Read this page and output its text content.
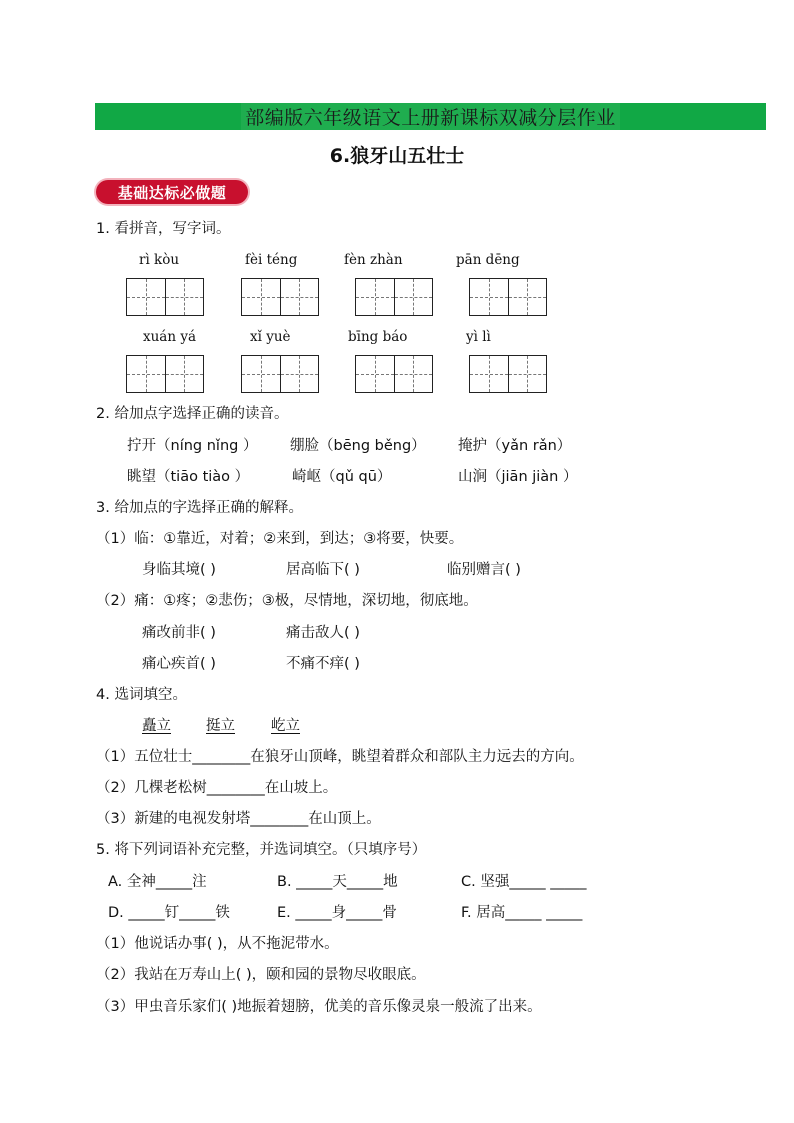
部编版六年级语文上册新课标双减分层作业
6.狼牙山五壮士
基础达标必做题
1. 看拼音，写字词。
rì kòu	fèi téng	fèn zhàn	pān dēng
xuán yá	xǐ yuè	bīng báo	yì lì
2. 给加点字选择正确的读音。
拧开（níng nǐng ） 绷脸（bēng běng） 掩护（yǎn rǎn）
眺望（tiāo tiào ）	崎岖（qǔ qū）	山涧（jiān jiàn ）
3. 给加点的字选择正确的解释。
（1）临：①靠近，对着；②来到，到达；③将要，快要。
身临其境( )	居高临下( )	临别赠言( )
（2）痛：①疼；②悲伤；③极，尽情地，深切地，彻底地。
痛改前非( )	痛击敌人( )
痛心疾首( )	不痛不痒( )
4. 选词填空。
矗立 挺立 屹立
（1）五位壮士________在狼牙山顶峰，眺望着群众和部队主力远去的方向。
（2）几棵老松树________在山坡上。
（3）新建的电视发射塔________在山顶上。
5. 将下列词语补充完整，并选词填空。（只填序号）
A. 全神_____注	B. _____天_____地	C. 坚强_____ _____
D. _____钉_____铁	E. _____身_____骨	F. 居高_____ _____
（1）他说话办事( )，从不拖泥带水。
（2）我站在万寿山上( )，颐和园的景物尽收眼底。
（3）甲虫音乐家们( )地振着翅膀，优美的音乐像灵泉一般流了出来。
